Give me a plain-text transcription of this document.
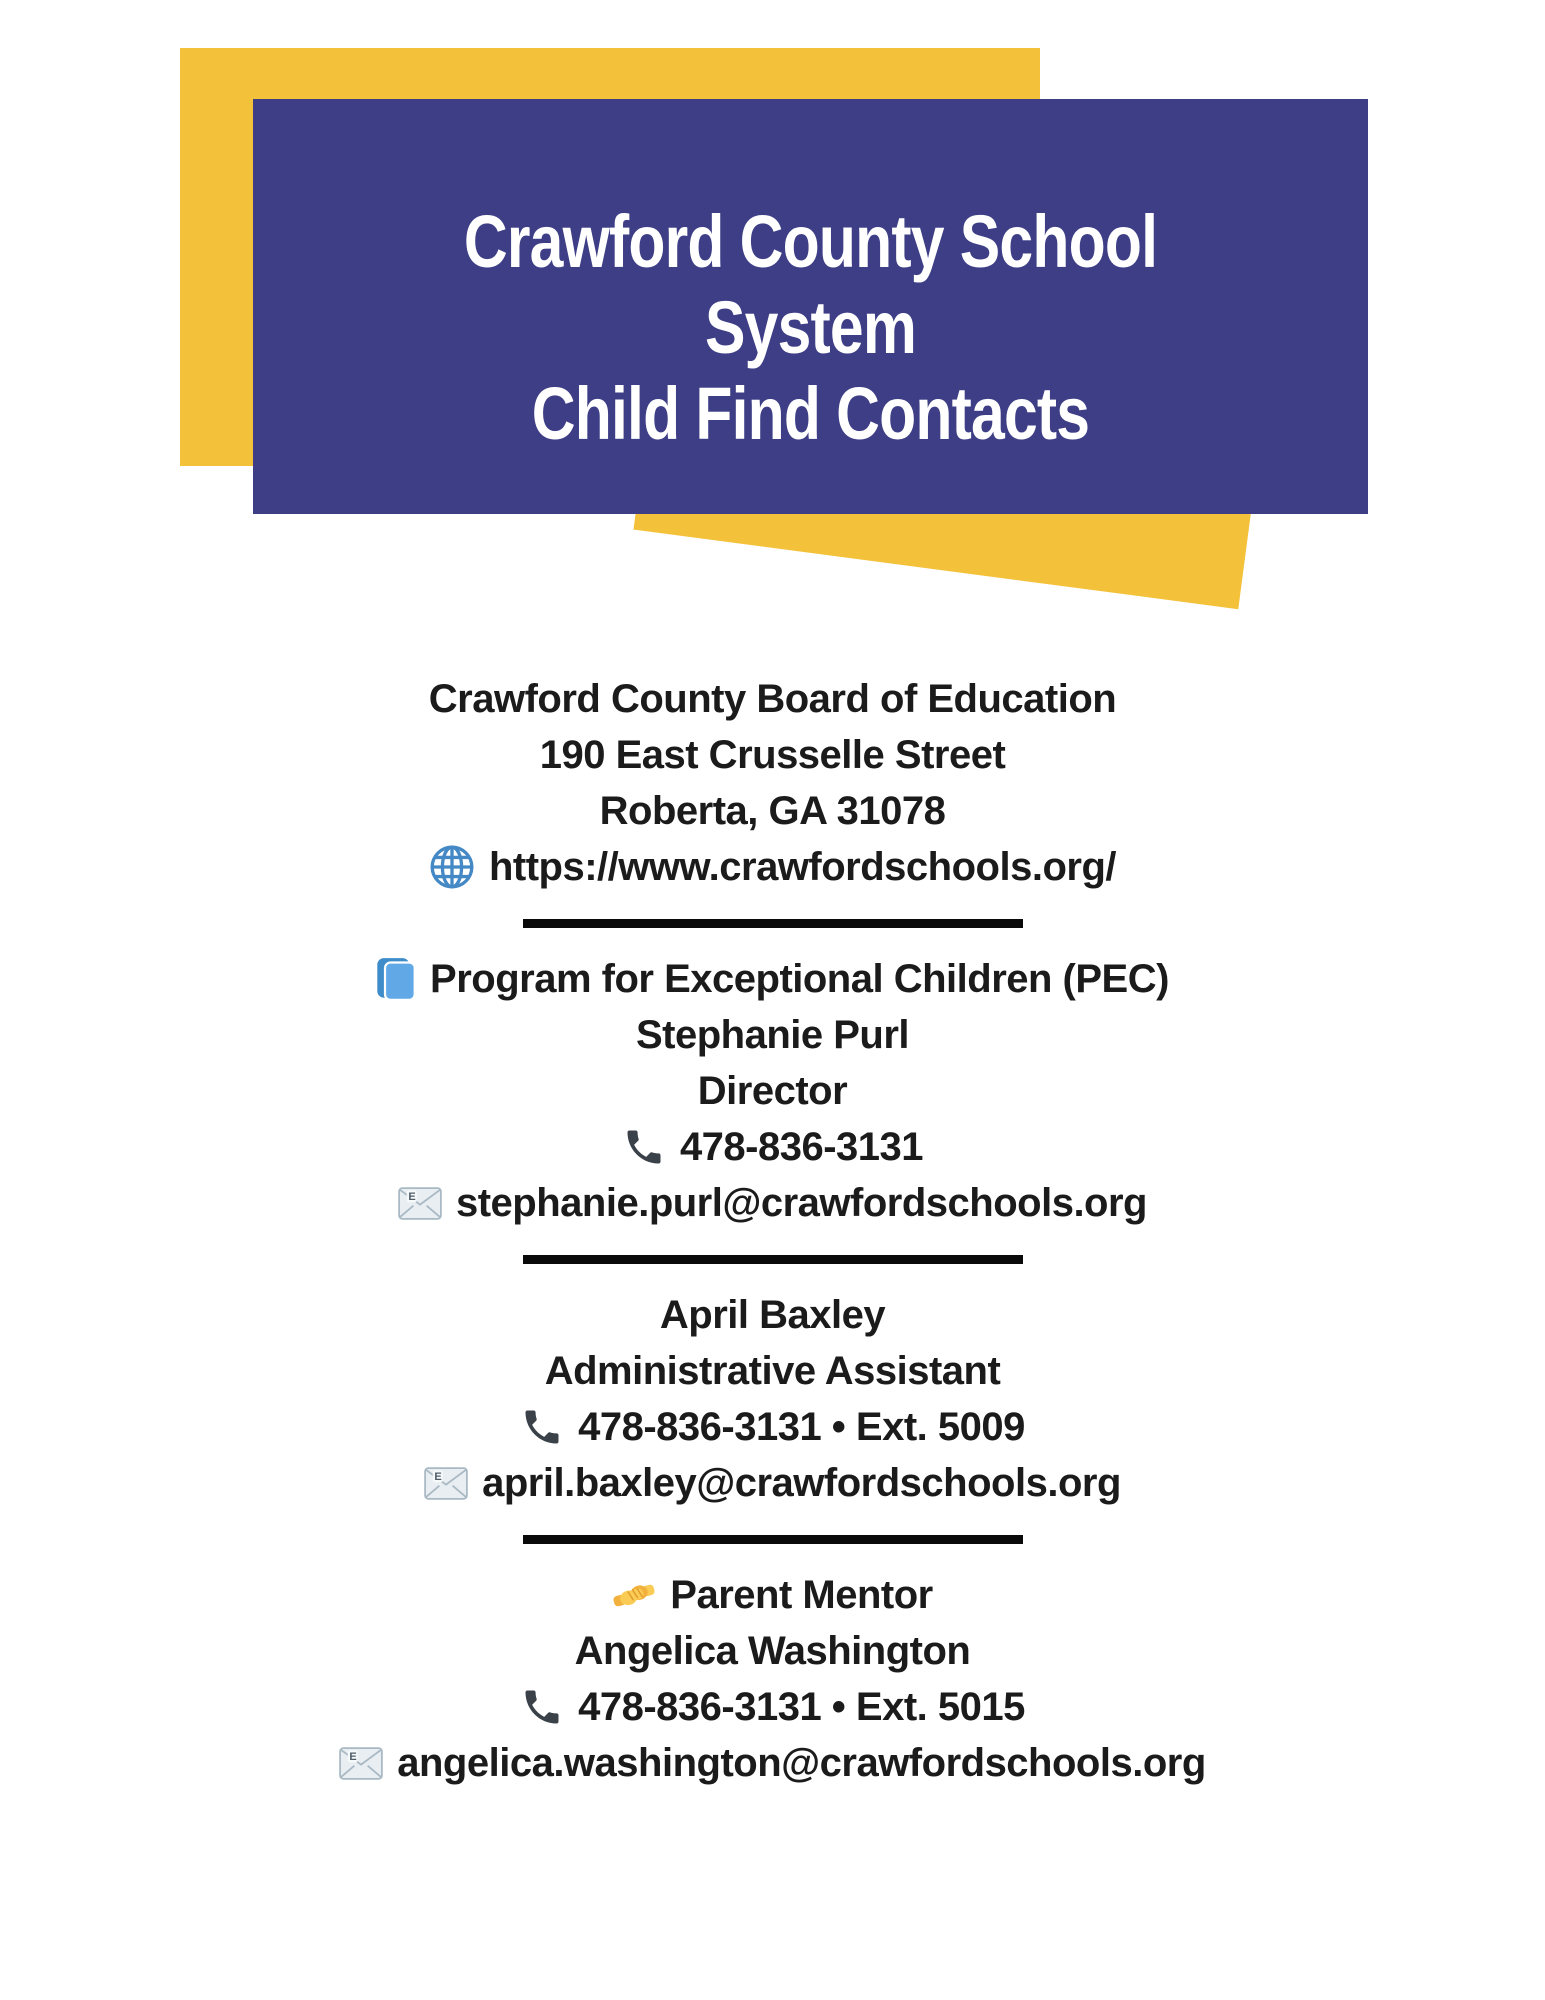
Crawford County School System
Child Find Contacts
Crawford County Board of Education
190 East Crusselle Street
Roberta, GA 31078
https://www.crawfordschools.org/
Program for Exceptional Children (PEC)
Stephanie Purl
Director
478-836-3131
E stephanie.purl@crawfordschools.org
April Baxley
Administrative Assistant
478-836-3131 • Ext. 5009
E april.baxley@crawfordschools.org
Parent Mentor
Angelica Washington
478-836-3131 • Ext. 5015
E angelica.washington@crawfordschools.org
